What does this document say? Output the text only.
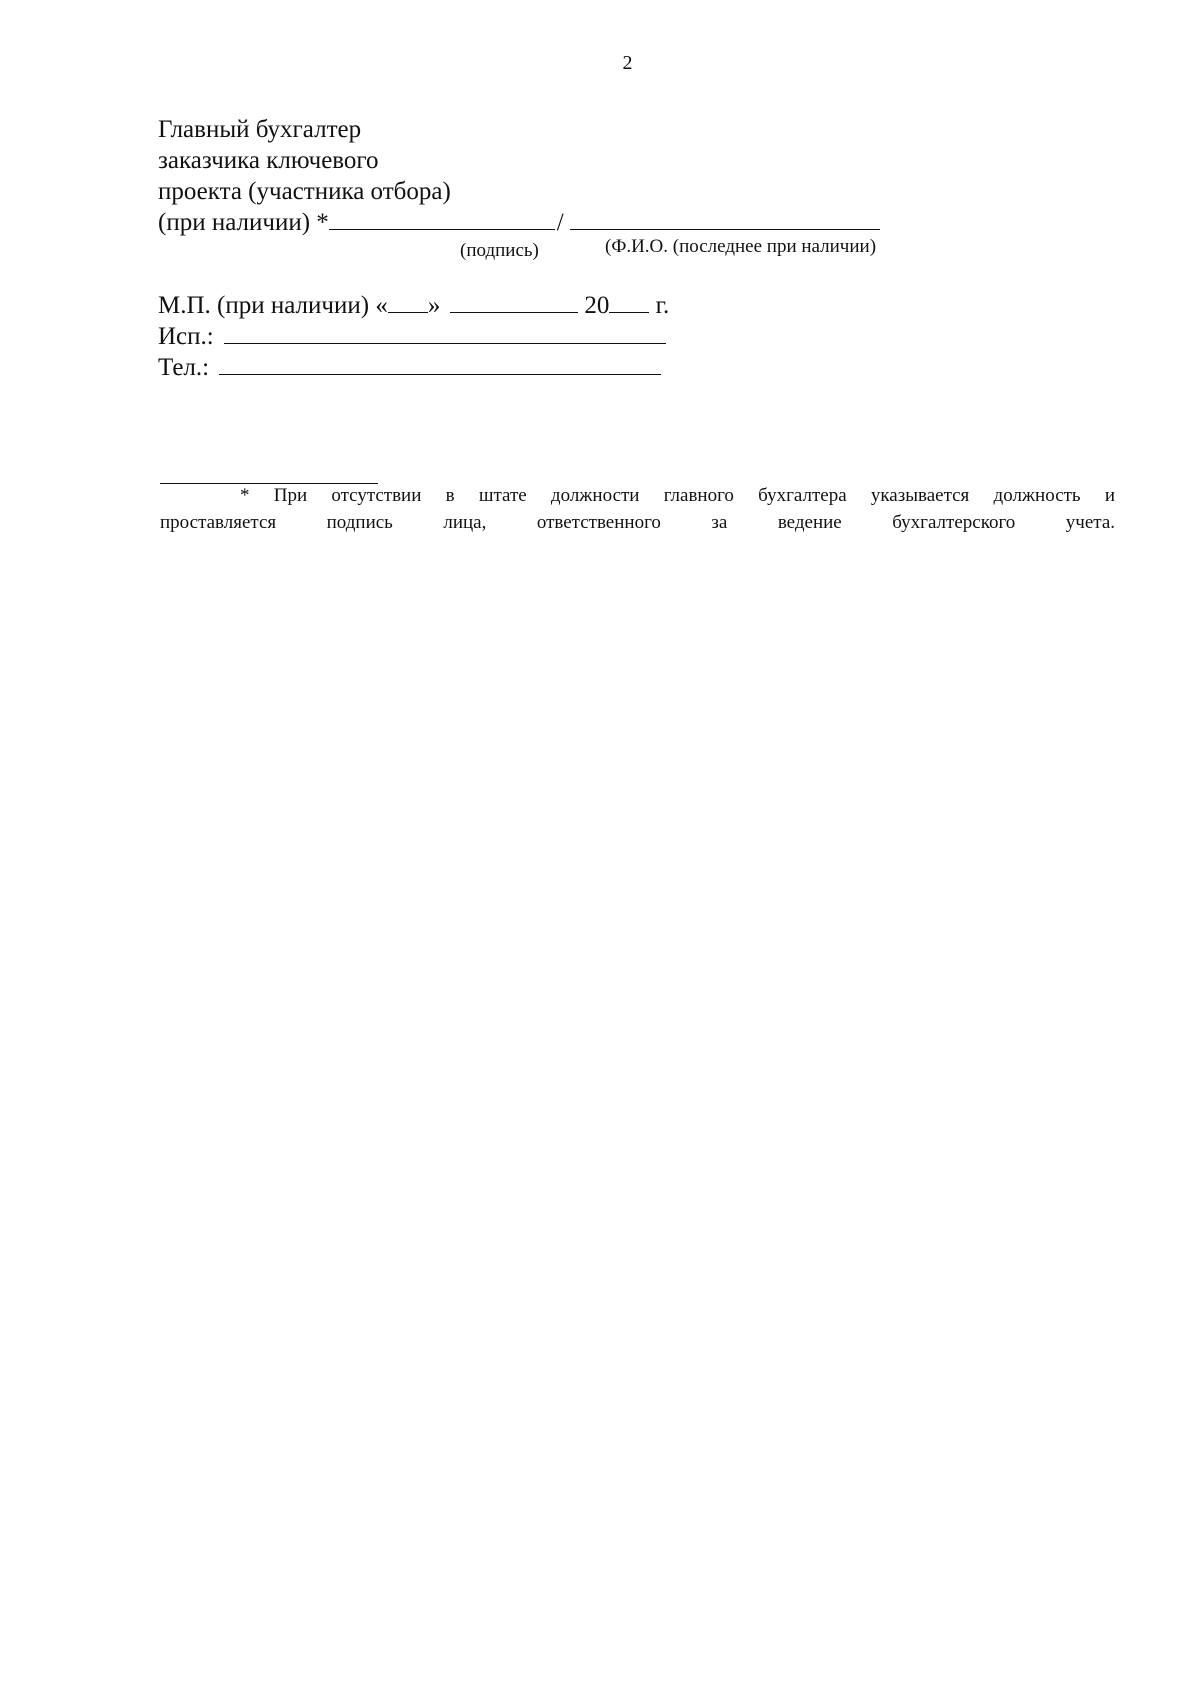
2
Главный бухгалтер
заказчика ключевого
проекта (участника отбора)
(при наличии) *	/
(подпись)	(Ф.И.О. (последнее при наличии)
М.П. (при наличии) « »	20 г.
Исп.:
Тел.:
* При отсутствии в штате должности главного бухгалтера указывается должность и
проставляется подпись лица, ответственного за ведение бухгалтерского учета.
